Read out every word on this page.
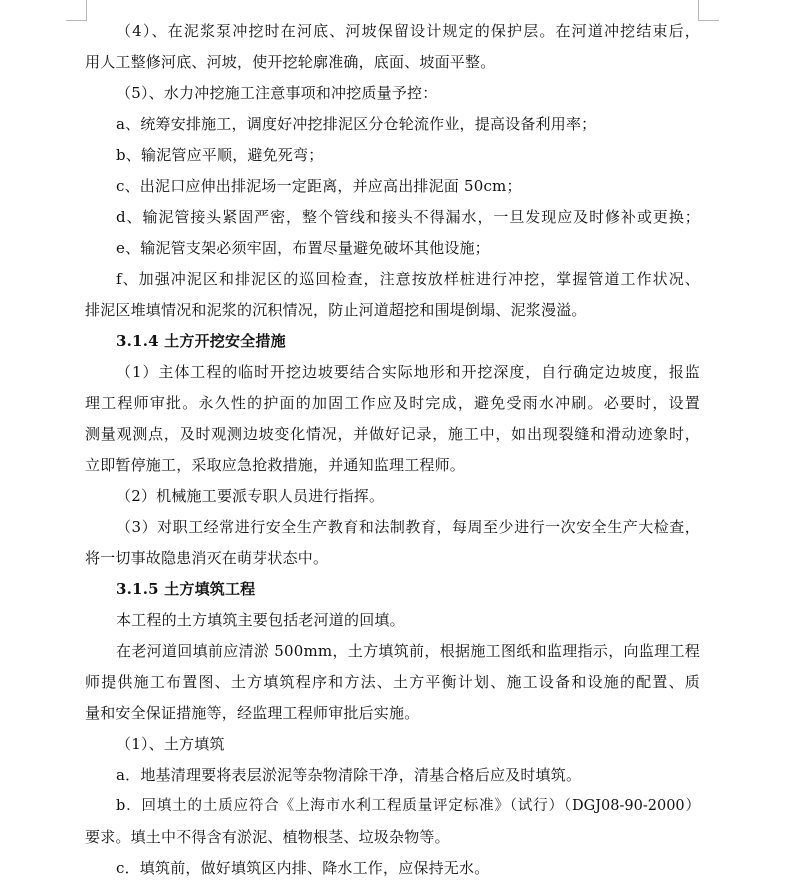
（4）、在泥浆泵冲挖时在河底、河坡保留设计规定的保护层。在河道冲挖结束后，
用人工整修河底、河坡，使开挖轮廓准确，底面、坡面平整。
（5）、水力冲挖施工注意事项和冲挖质量予控：
a、统筹安排施工，调度好冲挖排泥区分仓轮流作业，提高设备利用率；
b、输泥管应平顺，避免死弯；
c、出泥口应伸出排泥场一定距离，并应高出排泥面 50cm；
d、输泥管接头紧固严密，整个管线和接头不得漏水，一旦发现应及时修补或更换；
e、输泥管支架必须牢固，布置尽量避免破坏其他设施；
f、加强冲泥区和排泥区的巡回检查，注意按放样桩进行冲挖，掌握管道工作状况、
排泥区堆填情况和泥浆的沉积情况，防止河道超挖和围堤倒塌、泥浆漫溢。
3.1.4 土方开挖安全措施
（1）主体工程的临时开挖边坡要结合实际地形和开挖深度，自行确定边坡度，报监
理工程师审批。永久性的护面的加固工作应及时完成，避免受雨水冲刷。必要时，设置
测量观测点，及时观测边坡变化情况，并做好记录，施工中，如出现裂缝和滑动迹象时，
立即暂停施工，采取应急抢救措施，并通知监理工程师。
（2）机械施工要派专职人员进行指挥。
（3）对职工经常进行安全生产教育和法制教育，每周至少进行一次安全生产大检查，
将一切事故隐患消灭在萌芽状态中。
3.1.5 土方填筑工程
本工程的土方填筑主要包括老河道的回填。
在老河道回填前应清淤 500mm，土方填筑前，根据施工图纸和监理指示，向监理工程
师提供施工布置图、土方填筑程序和方法、土方平衡计划、施工设备和设施的配置、质
量和安全保证措施等，经监理工程师审批后实施。
（1）、土方填筑
a．地基清理要将表层淤泥等杂物清除干净，清基合格后应及时填筑。
b．回填土的土质应符合《上海市水利工程质量评定标准》（试行）（DGJ08-90-2000）
要求。填土中不得含有淤泥、植物根茎、垃圾杂物等。
c．填筑前，做好填筑区内排、降水工作，应保持无水。
